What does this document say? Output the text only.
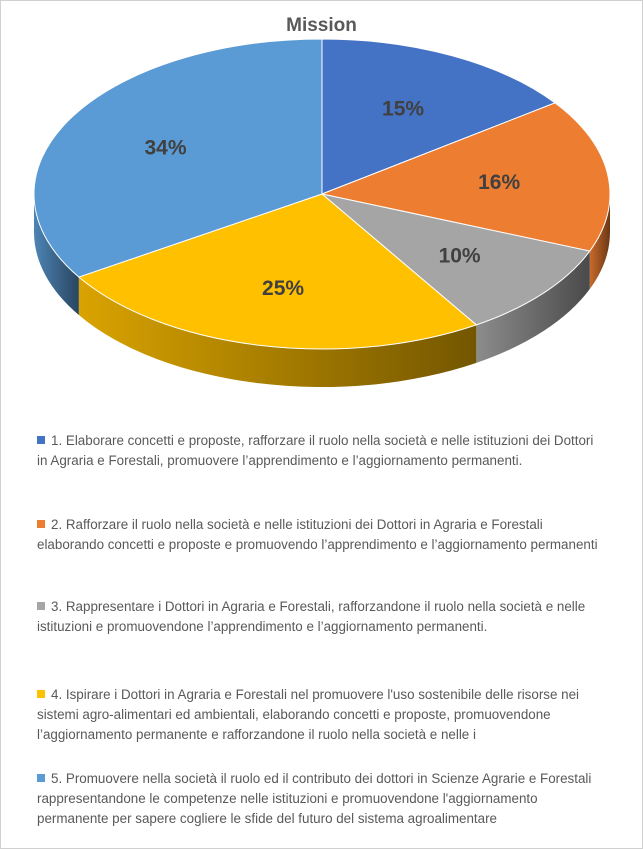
Mission
15%
16%
10%
25%
34%
1. Elaborare concetti e proposte, rafforzare il ruolo nella società e nelle istituzioni dei Dottori in Agraria e Forestali, promuovere l’apprendimento e l’aggiornamento permanenti.
2. Rafforzare il ruolo nella società e nelle istituzioni dei Dottori in Agraria e Forestali elaborando concetti e proposte e promuovendo l’apprendimento e l’aggiornamento permanenti
3. Rappresentare i Dottori in Agraria e Forestali, rafforzandone il ruolo nella società e nelle istituzioni e promuovendone l’apprendimento e l’aggiornamento permanenti.
4. Ispirare i Dottori in Agraria e Forestali nel promuovere l'uso sostenibile delle risorse nei sistemi agro-alimentari ed ambientali, elaborando concetti e proposte, promuovendone l’aggiornamento permanente e rafforzandone il ruolo nella società e nelle i
5. Promuovere nella società il ruolo ed il contributo dei dottori in Scienze Agrarie e Forestali rappresentandone le competenze nelle istituzioni e promuovendone l'aggiornamento permanente per sapere cogliere le sfide del futuro del sistema agroalimentare
